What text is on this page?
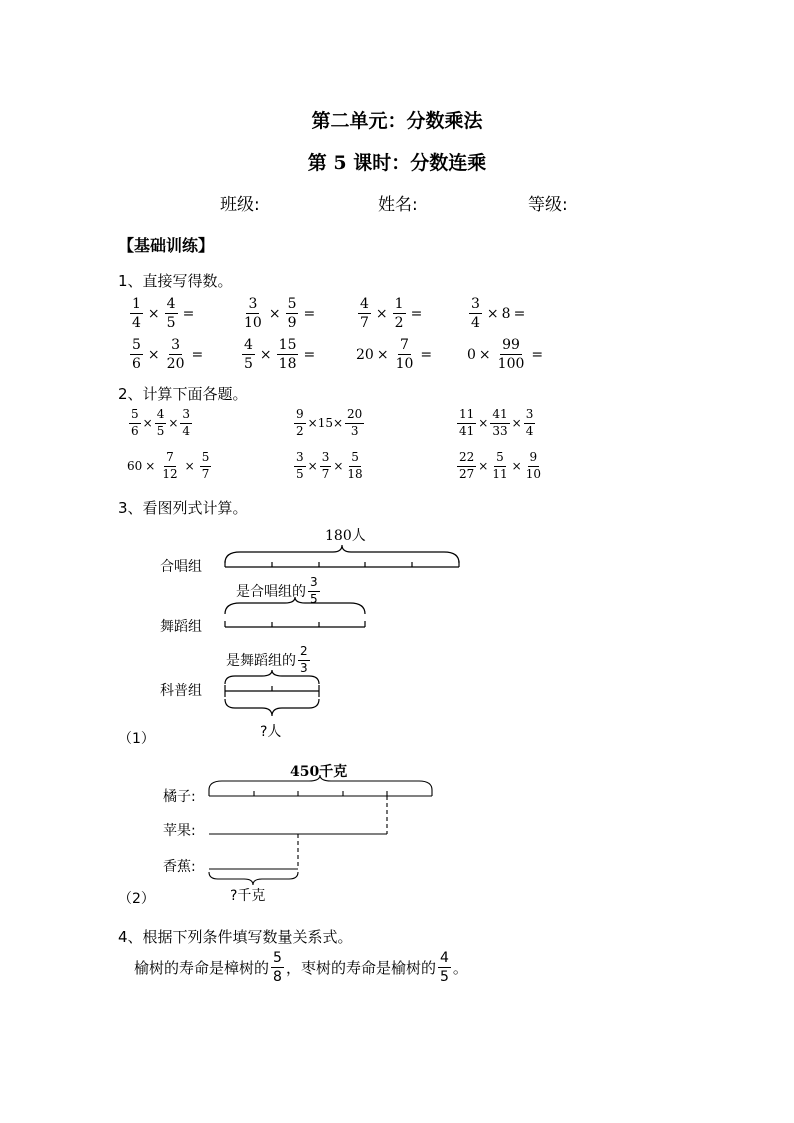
第二单元：分数乘法
第 5 课时：分数连乘
班级:	姓名:	等级:
【基础训练】
1、直接写得数。
$\frac{1}{4} \times \frac{4}{5}$ =	$\frac{3}{10} \times \frac{5}{9}$ =	$\frac{4}{7} \times \frac{1}{2}$ =	$\frac{3}{4} \times 8$ =
$\frac{5}{6} \times \frac{3}{20}$ =	$\frac{4}{5} \times \frac{15}{18}$ =	$20 \times \frac{7}{10} = 0 \times \frac{99}{100}$ =
2、计算下面各题。
$\frac{5}{6} \times \frac{4}{5} \times \frac{3}{4}$	$\frac{9}{2} \times 15 \times \frac{20}{3}$	$\frac{11}{41} \times \frac{41}{33} \times \frac{3}{4}$
$60 \times \frac{7}{12} \times \frac{5}{7}$	$\frac{3}{5} \times \frac{3}{7} \times \frac{5}{18}$	$\frac{22}{27} \times \frac{5}{11} \times \frac{9}{10}$
3、看图列式计算。
180人
合唱组
是合唱组的 $\frac{3}{5}$
舞蹈组
是舞蹈组的 $\frac{2}{3}$
科普组
?人
（1）
450千克
橘子:
苹果:
香蕉:
?千克
（2）
4、根据下列条件填写数量关系式。
榆树的寿命是樟树的 $\frac{5}{8}$ ，枣树的寿命是榆树的 $\frac{4}{5}$ 。
